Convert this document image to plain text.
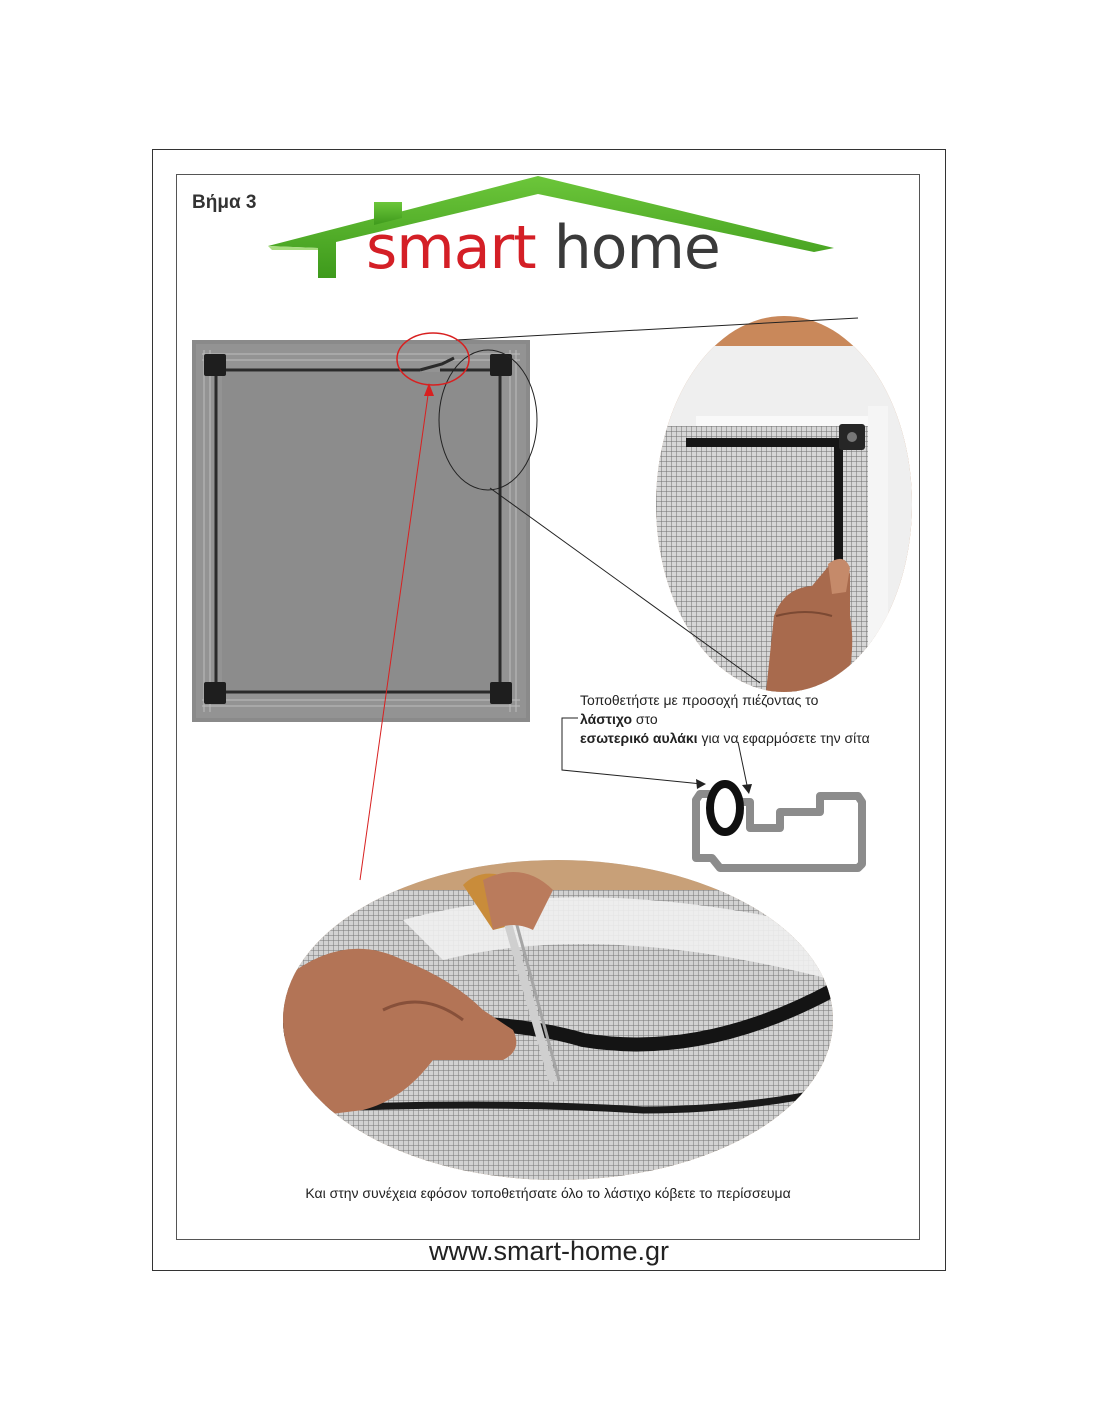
Βήμα 3
smart home
Τοποθετήστε με προσοχή πιέζοντας το
λάστιχο στο
εσωτερικό αυλάκι για να εφαρμόσετε την σίτα
Και στην συνέχεια εφόσον τοποθετήσατε όλο το λάστιχο κόβετε το περίσσευμα
www.smart-home.gr
